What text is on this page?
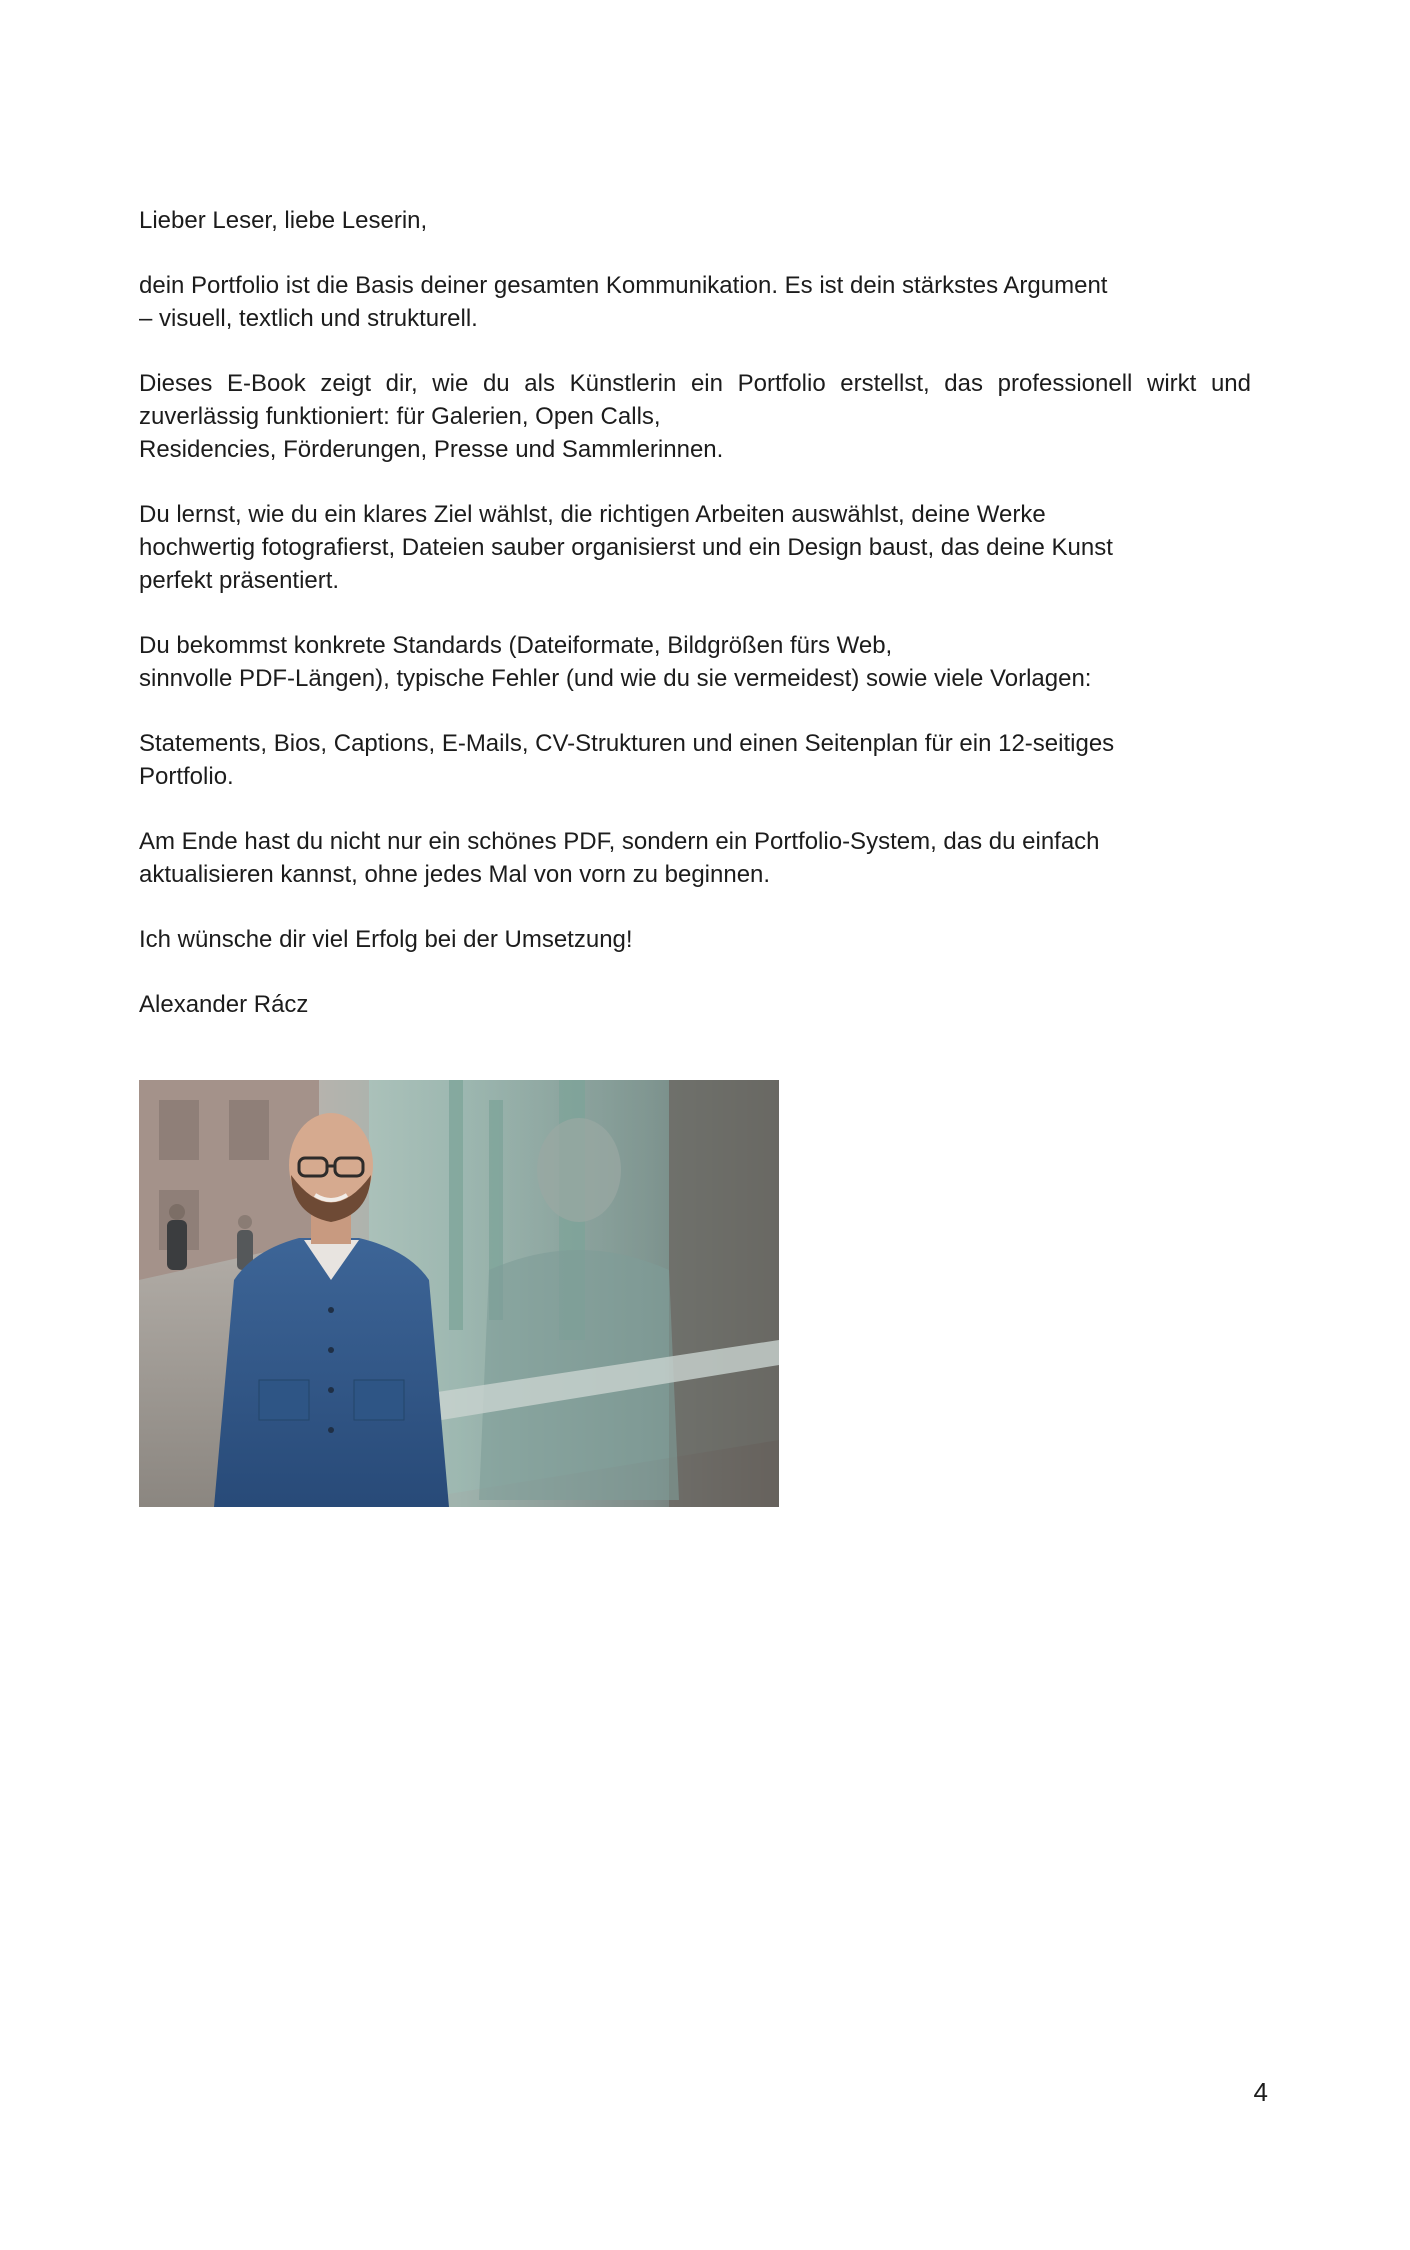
Lieber Leser, liebe Leserin,

dein Portfolio ist die Basis deiner gesamten Kommunikation. Es ist dein stärkstes Argument
– visuell, textlich und strukturell.

Dieses E-Book zeigt dir, wie du als Künstlerin ein Portfolio erstellst, das professionell wirkt und
zuverlässig funktioniert: für Galerien, Open Calls,
Residencies, Förderungen, Presse und Sammlerinnen.

Du lernst, wie du ein klares Ziel wählst, die richtigen Arbeiten auswählst, deine Werke
hochwertig fotografierst, Dateien sauber organisierst und ein Design baust, das deine Kunst
perfekt präsentiert.

Du bekommst konkrete Standards (Dateiformate, Bildgrößen fürs Web,
sinnvolle PDF-Längen), typische Fehler (und wie du sie vermeidest) sowie viele Vorlagen:

Statements, Bios, Captions, E-Mails, CV-Strukturen und einen Seitenplan für ein 12-seitiges
Portfolio.

Am Ende hast du nicht nur ein schönes PDF, sondern ein Portfolio-System, das du einfach
aktualisieren kannst, ohne jedes Mal von vorn zu beginnen.

Ich wünsche dir viel Erfolg bei der Umsetzung!

Alexander Rácz

4
